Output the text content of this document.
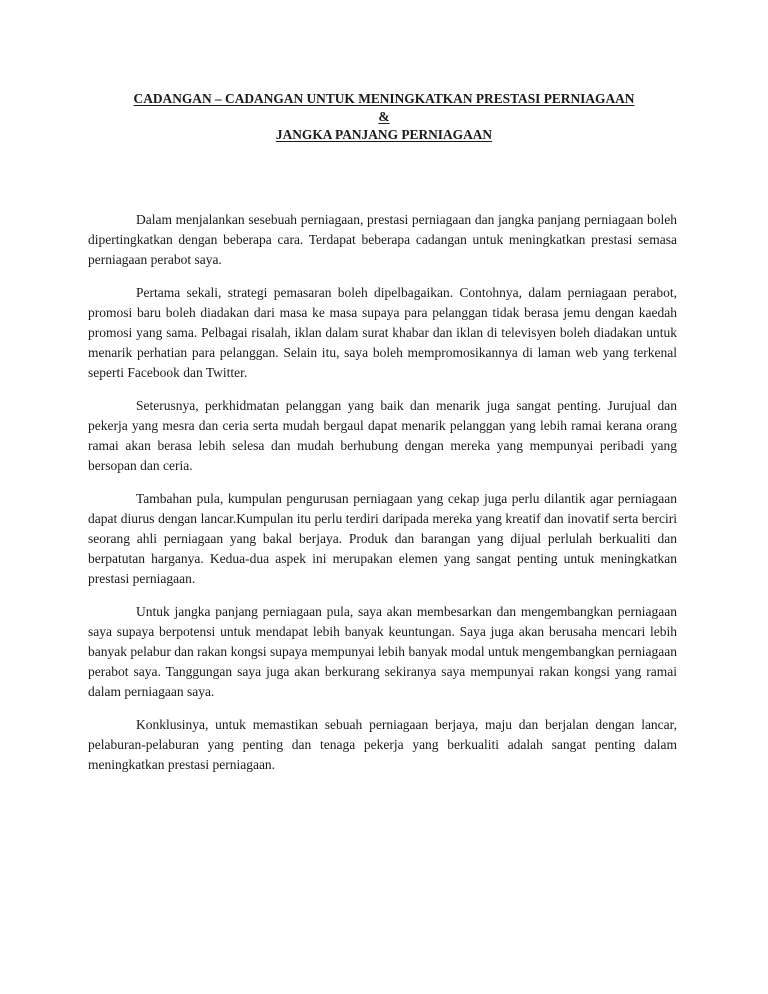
CADANGAN – CADANGAN UNTUK MENINGKATKAN PRESTASI PERNIAGAAN
&
JANGKA PANJANG PERNIAGAAN

Dalam menjalankan sesebuah perniagaan, prestasi perniagaan dan jangka panjang perniagaan boleh dipertingkatkan dengan beberapa cara. Terdapat beberapa cadangan untuk meningkatkan prestasi semasa perniagaan perabot saya.

Pertama sekali, strategi pemasaran boleh dipelbagaikan. Contohnya, dalam perniagaan perabot, promosi baru boleh diadakan dari masa ke masa supaya para pelanggan tidak berasa jemu dengan kaedah promosi yang sama. Pelbagai risalah, iklan dalam surat khabar dan iklan di televisyen boleh diadakan untuk menarik perhatian para pelanggan. Selain itu, saya boleh mempromosikannya di laman web yang terkenal seperti Facebook dan Twitter.

Seterusnya, perkhidmatan pelanggan yang baik dan menarik juga sangat penting. Jurujual dan pekerja yang mesra dan ceria serta mudah bergaul dapat menarik pelanggan yang lebih ramai kerana orang ramai akan berasa lebih selesa dan mudah berhubung dengan mereka yang mempunyai peribadi yang bersopan dan ceria.

Tambahan pula, kumpulan pengurusan perniagaan yang cekap juga perlu dilantik agar perniagaan dapat diurus dengan lancar.Kumpulan itu perlu terdiri daripada mereka yang kreatif dan inovatif serta berciri seorang ahli perniagaan yang bakal berjaya. Produk dan barangan yang dijual perlulah berkualiti dan berpatutan harganya. Kedua-dua aspek ini merupakan elemen yang sangat penting untuk meningkatkan prestasi perniagaan.

Untuk jangka panjang perniagaan pula, saya akan membesarkan dan mengembangkan perniagaan saya supaya berpotensi untuk mendapat lebih banyak keuntungan. Saya juga akan berusaha mencari lebih banyak pelabur dan rakan kongsi supaya mempunyai lebih banyak modal untuk mengembangkan perniagaan perabot saya. Tanggungan saya juga akan berkurang sekiranya saya mempunyai rakan kongsi yang ramai dalam perniagaan saya.

Konklusinya, untuk memastikan sebuah perniagaan berjaya, maju dan berjalan dengan lancar, pelaburan-pelaburan yang penting dan tenaga pekerja yang berkualiti adalah sangat penting dalam meningkatkan prestasi perniagaan.
